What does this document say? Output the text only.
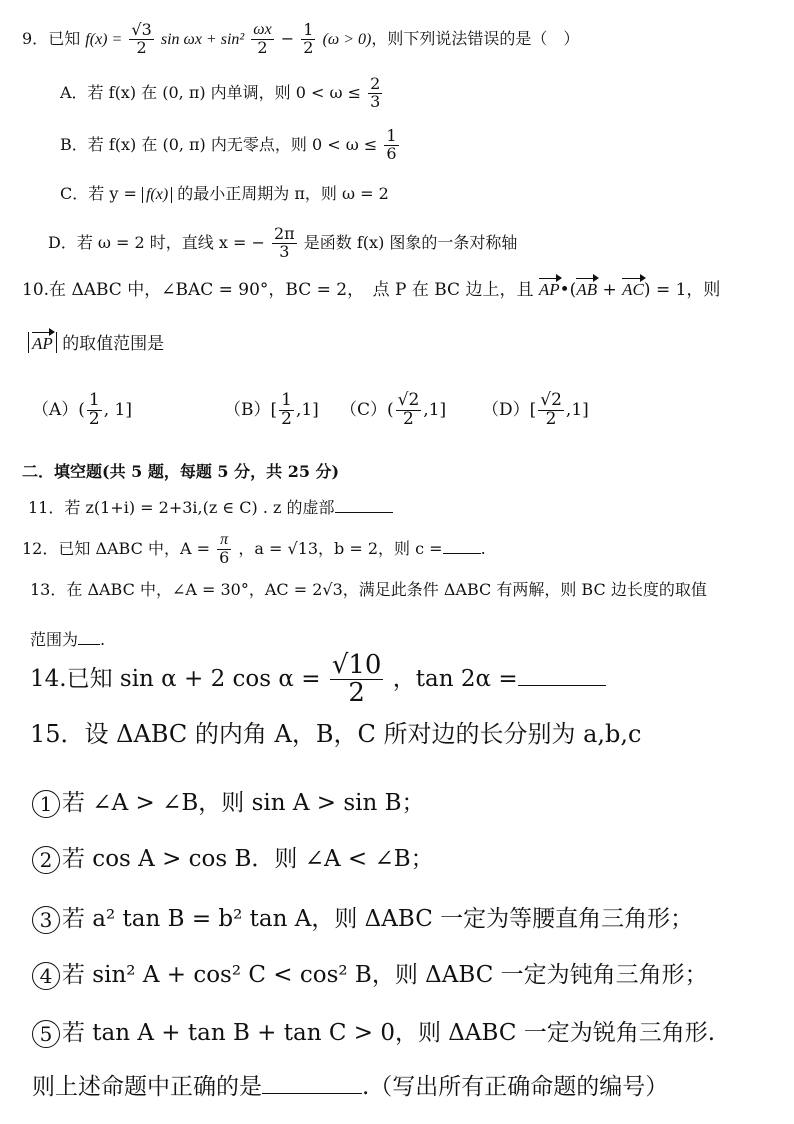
9．已知 $f(x) = \frac{√3}{2}$ $\sin \omega x + \sin^2 \frac{\omega x}{2} - \frac{1}{2} (\omega > 0)$，则下列说法错误的是（　）
A．若 f(x) 在 (0, π) 内单调，则 $0 < \omega \le \frac{2}{3}$
B．若 f(x) 在 (0, π) 内无零点，则 $0 < \omega \le \frac{1}{6}$
C．若 y = f(x) 的最小正周期为 π，则 ω = 2
D．若 ω = 2 时，直线 x = − $\frac{2\pi}{3}$ 是函数 f(x) 图象的一条对称轴
10.在 ΔABC 中，∠BAC = 90°，BC = 2，　点 P 在 BC 边上，且 AP•(AB + AC) = 1，则
AP 的取值范围是
$(A)( \frac{1}{2}$ , 1]	$(B)[ \frac{1}{2} ,1]$ $(C)( \frac{√2}{2} ,1]$ $(D)[ \frac{√2}{2} ,1]$
二．填空题(共 5 题，每题 5 分，共 25 分)
11．若 z(1+i) = 2+3i,(z ∈ C) . z 的虚部
12．已知 ΔABC 中，$A = \frac{\pi}{6}$ ，a = √13，b = 2，则 c = .
13．在 ΔABC 中，∠A = 30°，AC = 2√3，满足此条件 ΔABC 有两解，则 BC 边长度的取值
范围为 .
14.已知 sin α + 2 $\cos \alpha = \frac{√10}{2}$ ，tan 2α =
15．设 ΔABC 的内角 A，B，C 所对边的长分别为 a,b,c
1 若 ∠A > ∠B，则 sin A > sin B；
2 若 cos A > cos B．则 ∠A < ∠B；
3 若 a² tan B = b² tan A，则 ΔABC 一定为等腰直角三角形；
4 若 sin² A + cos² C < cos² B，则 ΔABC 一定为钝角三角形；
5 若 tan A + tan B + tan C > 0，则 ΔABC 一定为锐角三角形.
则上述命题中正确的是	.（写出所有正确命题的编号）
